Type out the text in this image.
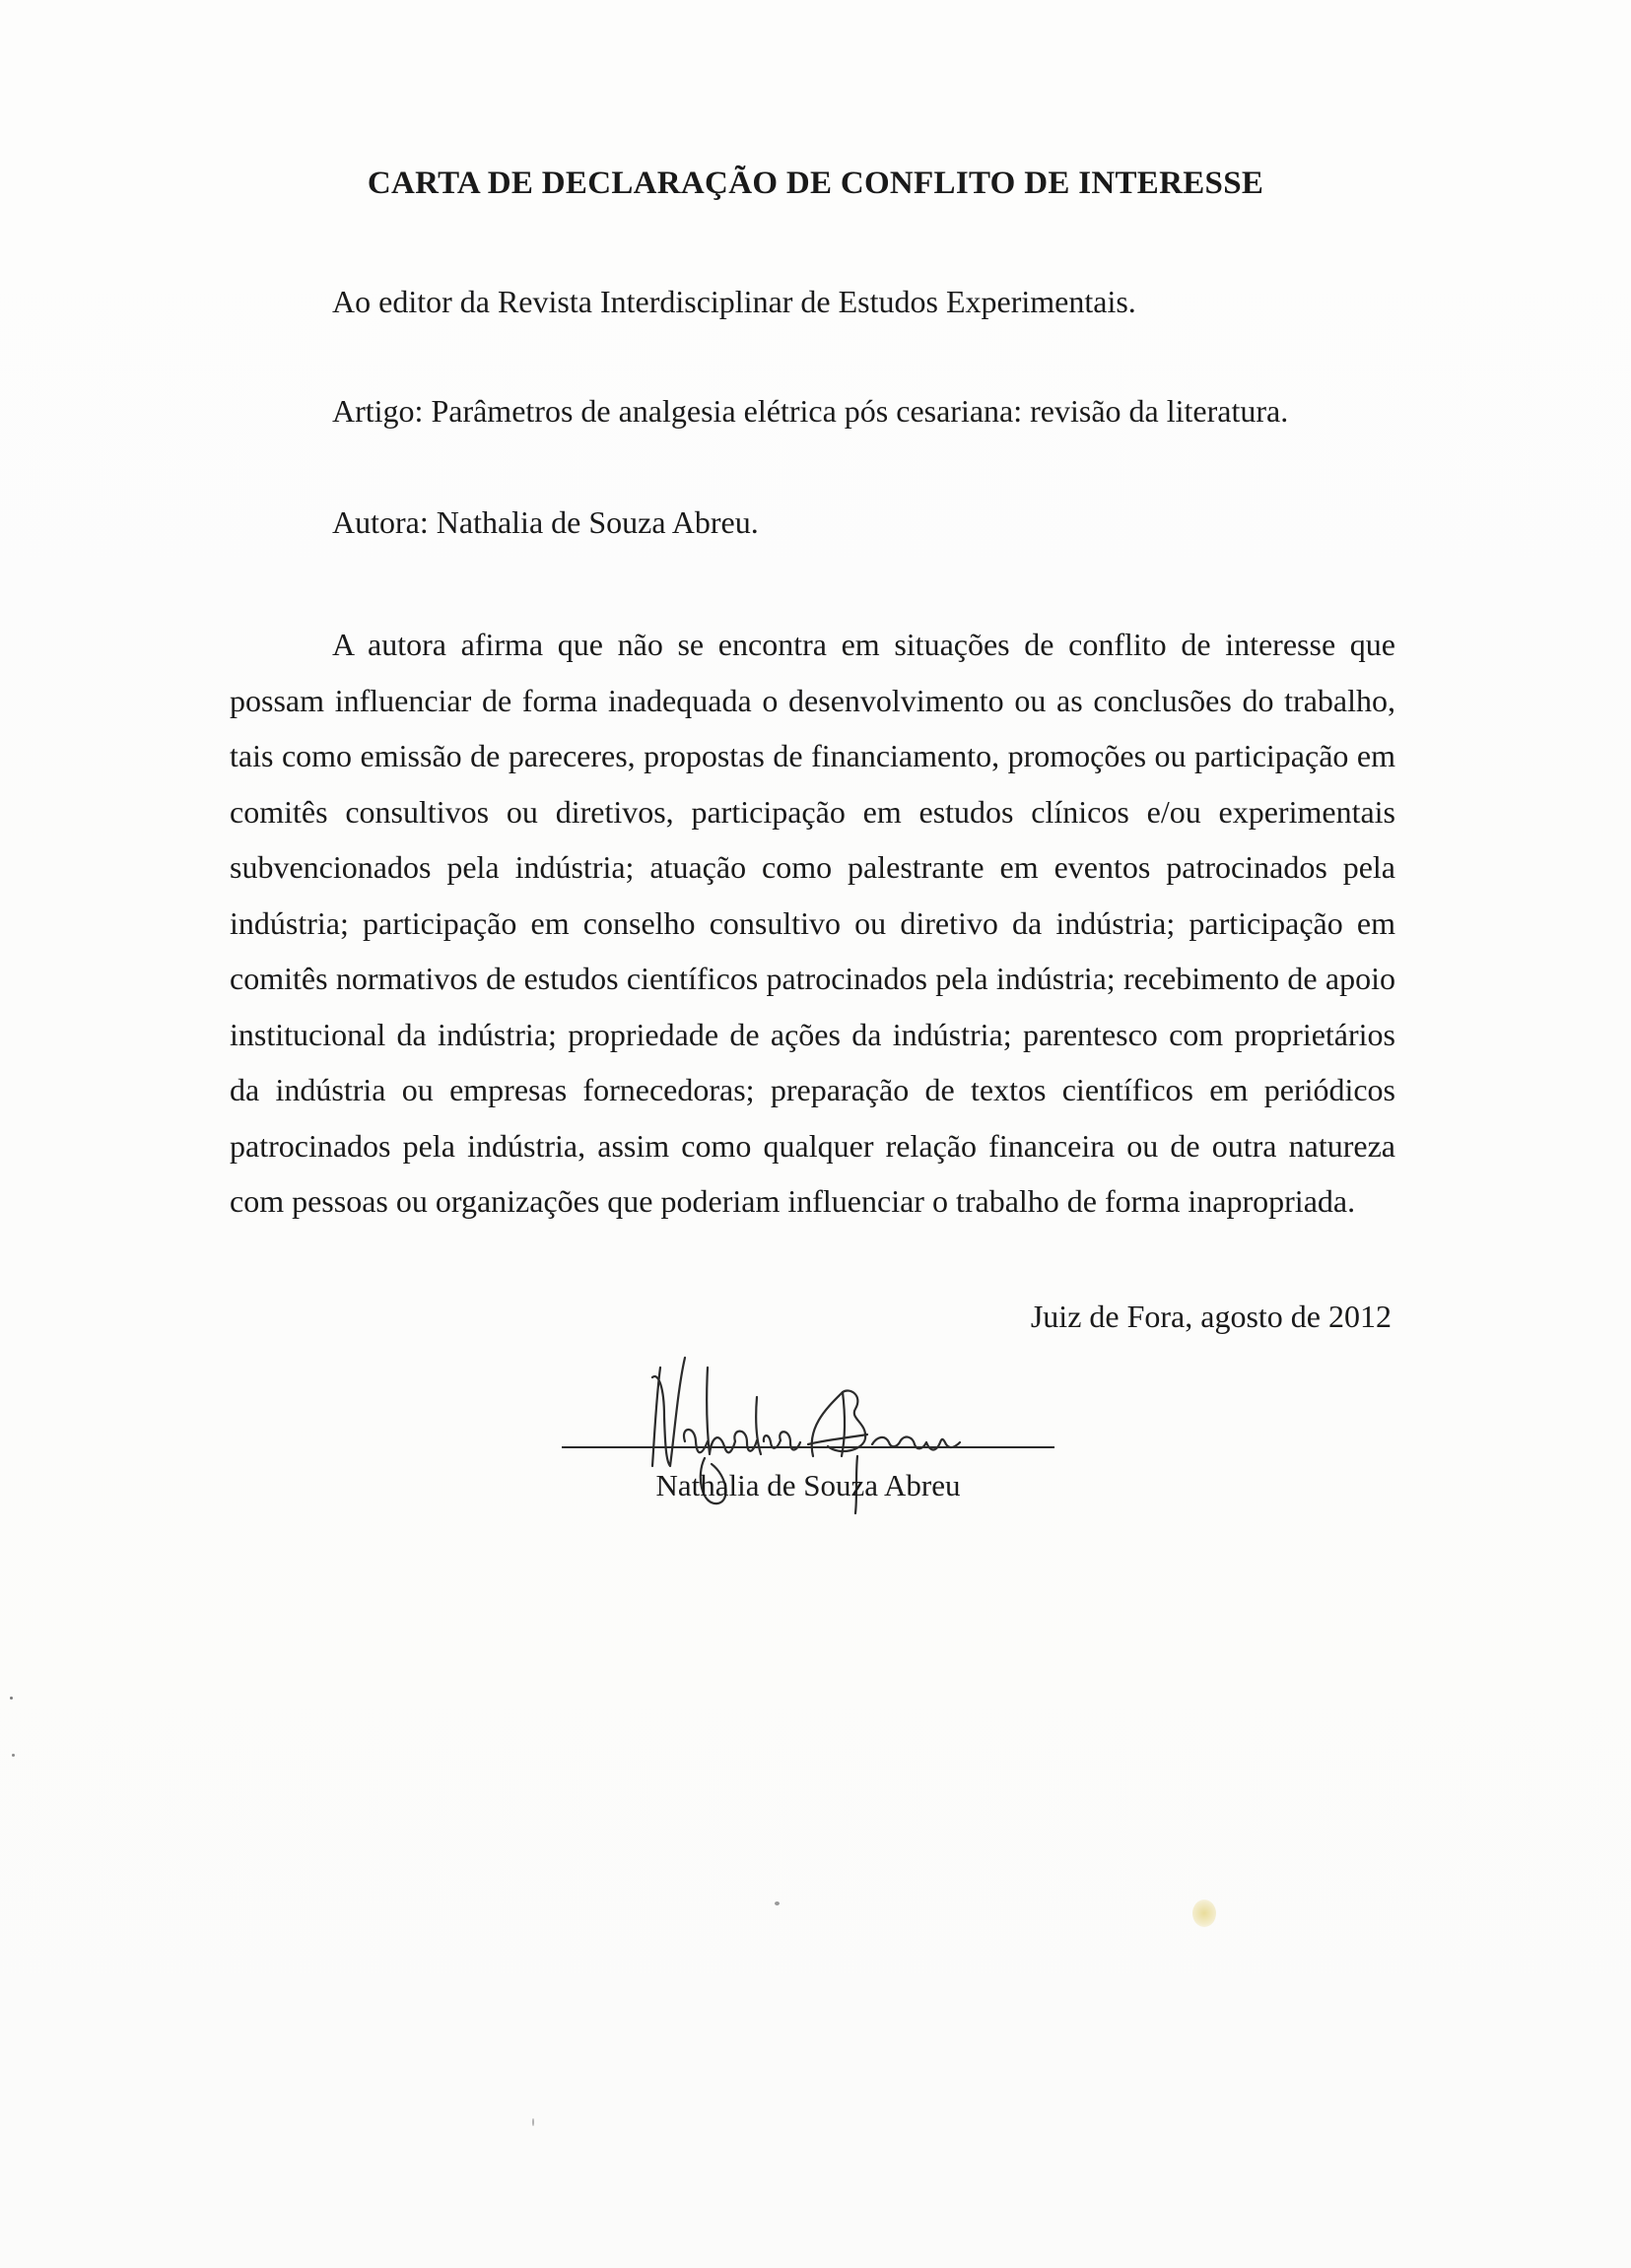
CARTA DE DECLARAÇÃO DE CONFLITO DE INTERESSE

Ao editor da Revista Interdisciplinar de Estudos Experimentais.

Artigo: Parâmetros de analgesia elétrica pós cesariana: revisão da literatura.

Autora: Nathalia de Souza Abreu.

A autora afirma que não se encontra em situações de conflito de interesse que possam influenciar de forma inadequada o desenvolvimento ou as conclusões do trabalho, tais como emissão de pareceres, propostas de financiamento, promoções ou participação em comitês consultivos ou diretivos, participação em estudos clínicos e/ou experimentais subvencionados pela indústria; atuação como palestrante em eventos patrocinados pela indústria; participação em conselho consultivo ou diretivo da indústria; participação em comitês normativos de estudos científicos patrocinados pela indústria; recebimento de apoio institucional da indústria; propriedade de ações da indústria; parentesco com proprietários da indústria ou empresas fornecedoras; preparação de textos científicos em periódicos patrocinados pela indústria, assim como qualquer relação financeira ou de outra natureza com pessoas ou organizações que poderiam influenciar o trabalho de forma inapropriada.

Juiz de Fora, agosto de 2012

Nathalia de Souza Abreu
